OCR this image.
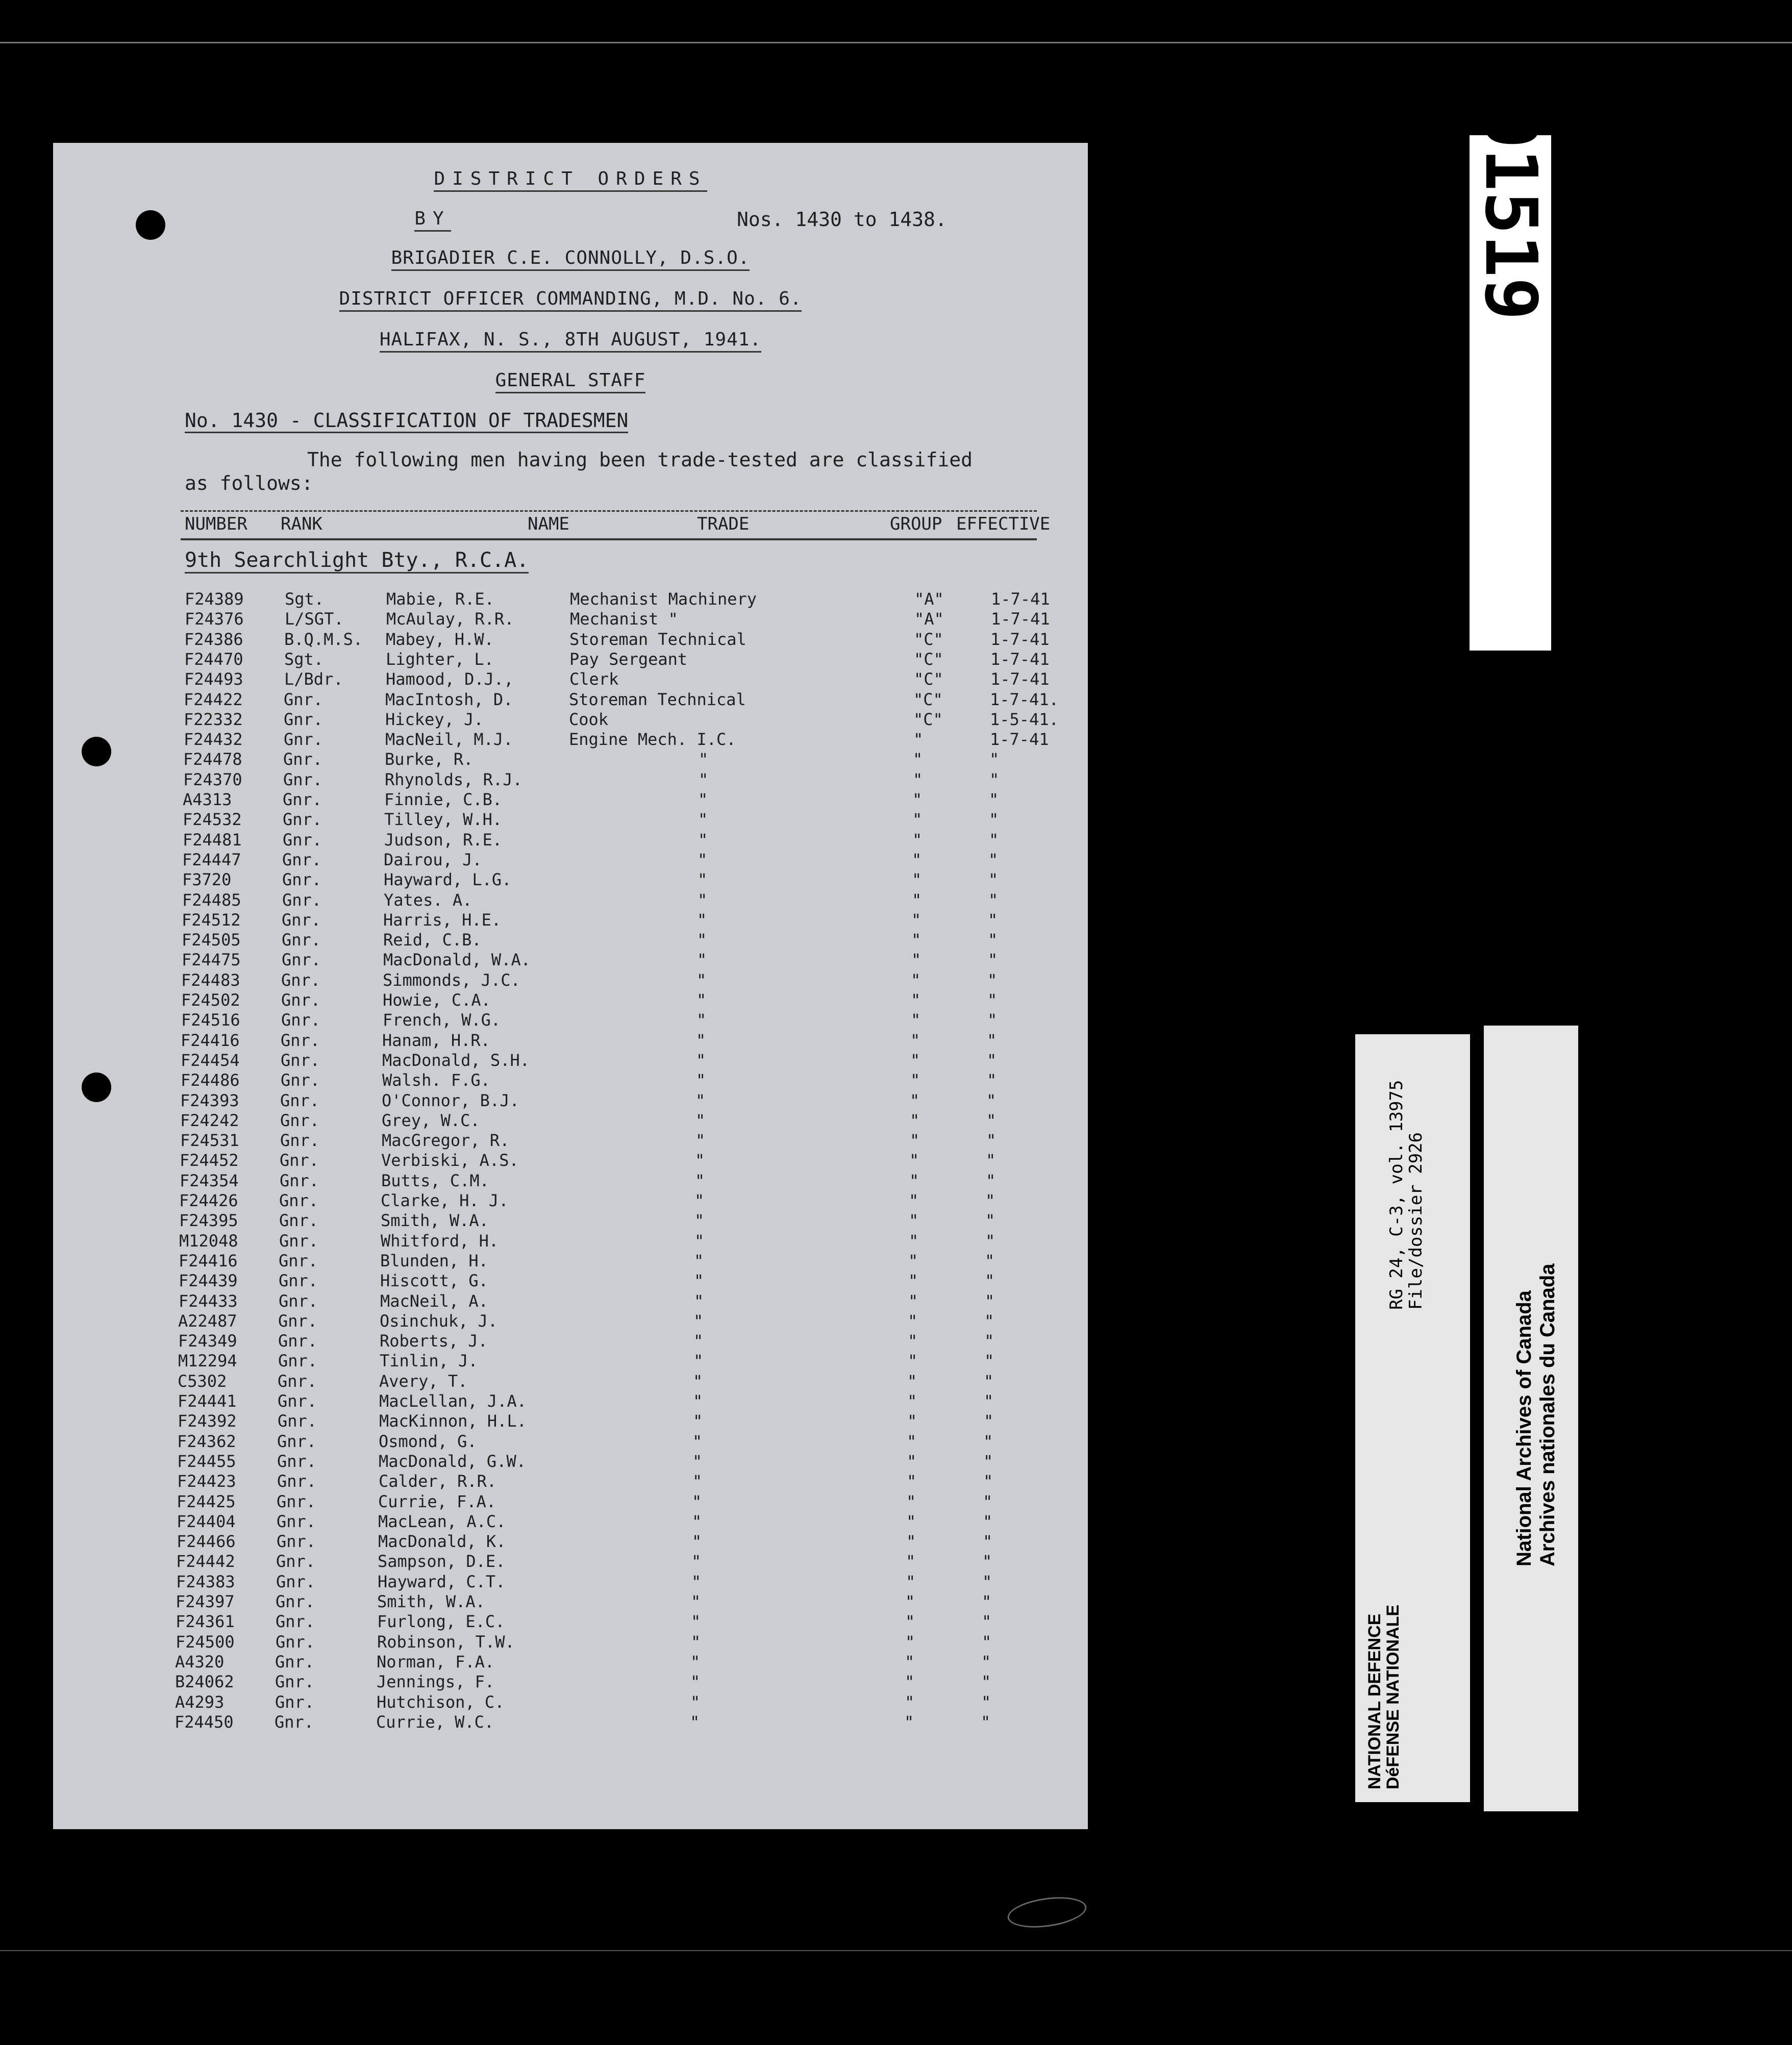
DISTRICT ORDERS
BY	Nos. 1430 to 1438.
BRIGADIER C.E. CONNOLLY, D.S.O.
DISTRICT OFFICER COMMANDING, M.D. No. 6.
HALIFAX, N. S., 8TH AUGUST, 1941.
GENERAL STAFF
No. 1430 - CLASSIFICATION OF TRADESMEN
The following men having been trade-tested are classified
as follows:
NUMBER RANK	NAME	TRADE	GROUP EFFECTIVE
9th Searchlight Bty., R.C.A.
F24389	Sgt.	Mabie, R.E.	Mechanist Machinery	"A"	1-7-41
F24376	L/SGT.	McAulay, R.R.	Mechanist "	"A"	1-7-41
F24386	B.Q.M.S. Mabey, H.W.	Storeman Technical	"C"	1-7-41
F24470	Sgt.	Lighter, L.	Pay Sergeant	"C"	1-7-41
F24493	L/Bdr.	Hamood, D.J.,	Clerk	"C"	1-7-41
F24422	Gnr.	MacIntosh, D.	Storeman Technical	"C"	1-7-41.
F22332	Gnr.	Hickey, J.	Cook	"C"	1-5-41.
F24432	Gnr.	MacNeil, M.J.	Engine Mech. I.C.	"	1-7-41
F24478	Gnr.	Burke, R.	"	"	"
F24370	Gnr.	Rhynolds, R.J.	"	"	"
A4313	Gnr.	Finnie, C.B.	"	"	"
F24532	Gnr.	Tilley, W.H.	"	"	"
F24481	Gnr.	Judson, R.E.	"	"	"
F24447	Gnr.	Dairou, J.	"	"	"
F3720	Gnr.	Hayward, L.G.	"	"	"
F24485	Gnr.	Yates. A.	"	"	"
F24512	Gnr.	Harris, H.E.	"	"	"
F24505	Gnr.	Reid, C.B.	"	"	"
F24475	Gnr.	MacDonald, W.A.	"	"	"
F24483	Gnr.	Simmonds, J.C.	"	"	"
F24502	Gnr.	Howie, C.A.	"	"	"
F24516	Gnr.	French, W.G.	"	"	"
F24416	Gnr.	Hanam, H.R.	"	"	"
F24454	Gnr.	MacDonald, S.H.	"	"	"
F24486	Gnr.	Walsh. F.G.	"	"	"
F24393	Gnr.	O'Connor, B.J.	"	"	"
F24242	Gnr.	Grey, W.C.	"	"	"
F24531	Gnr.	MacGregor, R.	"	"	"
F24452	Gnr.	Verbiski, A.S.	"	"	"
F24354	Gnr.	Butts, C.M.	"	"	"
F24426	Gnr.	Clarke, H. J.	"	"	"
F24395	Gnr.	Smith, W.A.	"	"	"
M12048	Gnr.	Whitford, H.	"	"	"
F24416	Gnr.	Blunden, H.	"	"	"
F24439	Gnr.	Hiscott, G.	"	"	"
F24433	Gnr.	MacNeil, A.	"	"	"
A22487	Gnr.	Osinchuk, J.	"	"	"
F24349	Gnr.	Roberts, J.	"	"	"
M12294	Gnr.	Tinlin, J.	"	"	"
C5302	Gnr.	Avery, T.	"	"	"
F24441	Gnr.	MacLellan, J.A.	"	"	"
F24392	Gnr.	MacKinnon, H.L.	"	"	"
F24362	Gnr.	Osmond, G.	"	"	"
F24455	Gnr.	MacDonald, G.W.	"	"	"
F24423	Gnr.	Calder, R.R.	"	"	"
F24425	Gnr.	Currie, F.A.	"	"	"
F24404	Gnr.	MacLean, A.C.	"	"	"
F24466	Gnr.	MacDonald, K.	"	"	"
F24442	Gnr.	Sampson, D.E.	"	"	"
F24383	Gnr.	Hayward, C.T.	"	"	"
F24397	Gnr.	Smith, W.A.	"	"	"
F24361	Gnr.	Furlong, E.C.	"	"	"
F24500	Gnr.	Robinson, T.W.	"	"	"
A4320	Gnr.	Norman, F.A.	"	"	"
B24062	Gnr.	Jennings, F.	"	"	"
A4293	Gnr.	Hutchison, C.	"	"	"
F24450	Gnr.	Currie, W.C.	"	"	"
001519
NATIONAL DEFENCE
DéFENSE NATIONALE
RG 24, C-3, vol. 13975
File/dossier 2926
National Archives of Canada Archives nationales du Canada
